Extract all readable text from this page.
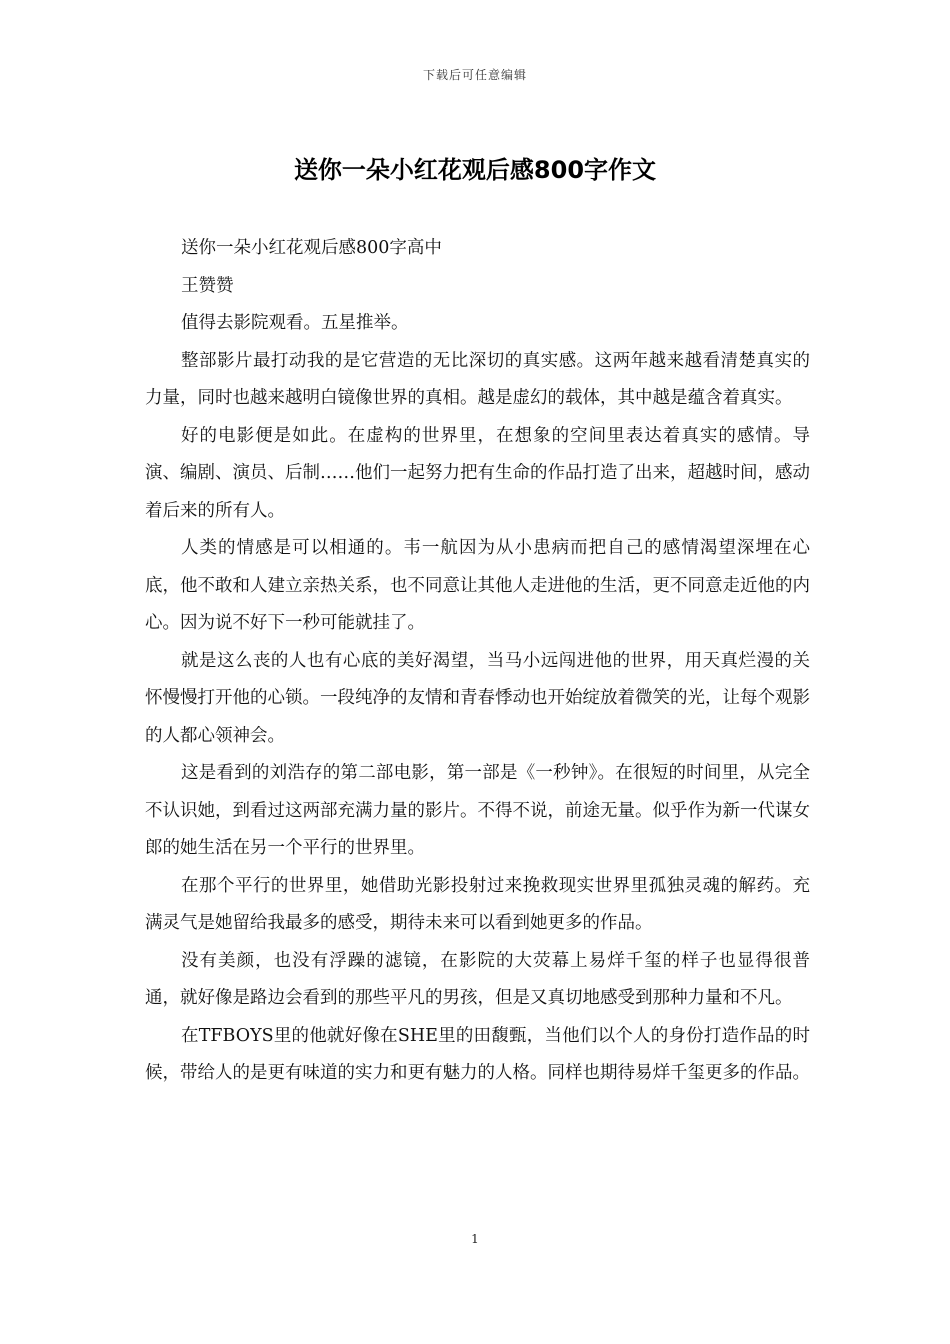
下载后可任意编辑
送你一朵小红花观后感800字作文

送你一朵小红花观后感800字高中

王赞赞

值得去影院观看。五星推举。

整部影片最打动我的是它营造的无比深切的真实感。这两年越来越看清楚真实的力量，同时也越来越明白镜像世界的真相。越是虚幻的载体，其中越是蕴含着真实。

好的电影便是如此。在虚构的世界里，在想象的空间里表达着真实的感情。导演、编剧、演员、后制……他们一起努力把有生命的作品打造了出来，超越时间，感动着后来的所有人。

人类的情感是可以相通的。韦一航因为从小患病而把自己的感情渴望深埋在心底，他不敢和人建立亲热关系，也不同意让其他人走进他的生活，更不同意走近他的内心。因为说不好下一秒可能就挂了。

就是这么丧的人也有心底的美好渴望，当马小远闯进他的世界，用天真烂漫的关怀慢慢打开他的心锁。一段纯净的友情和青春悸动也开始绽放着微笑的光，让每个观影的人都心领神会。

这是看到的刘浩存的第二部电影，第一部是《一秒钟》。在很短的时间里，从完全不认识她，到看过这两部充满力量的影片。不得不说，前途无量。似乎作为新一代谋女郎的她生活在另一个平行的世界里。

在那个平行的世界里，她借助光影投射过来挽救现实世界里孤独灵魂的解药。充满灵气是她留给我最多的感受，期待未来可以看到她更多的作品。

没有美颜，也没有浮躁的滤镜，在影院的大荧幕上易烊千玺的样子也显得很普通，就好像是路边会看到的那些平凡的男孩，但是又真切地感受到那种力量和不凡。

在TFBOYS里的他就好像在SHE里的田馥甄，当他们以个人的身份打造作品的时候，带给人的是更有味道的实力和更有魅力的人格。同样也期待易烊千玺更多的作品。

1
